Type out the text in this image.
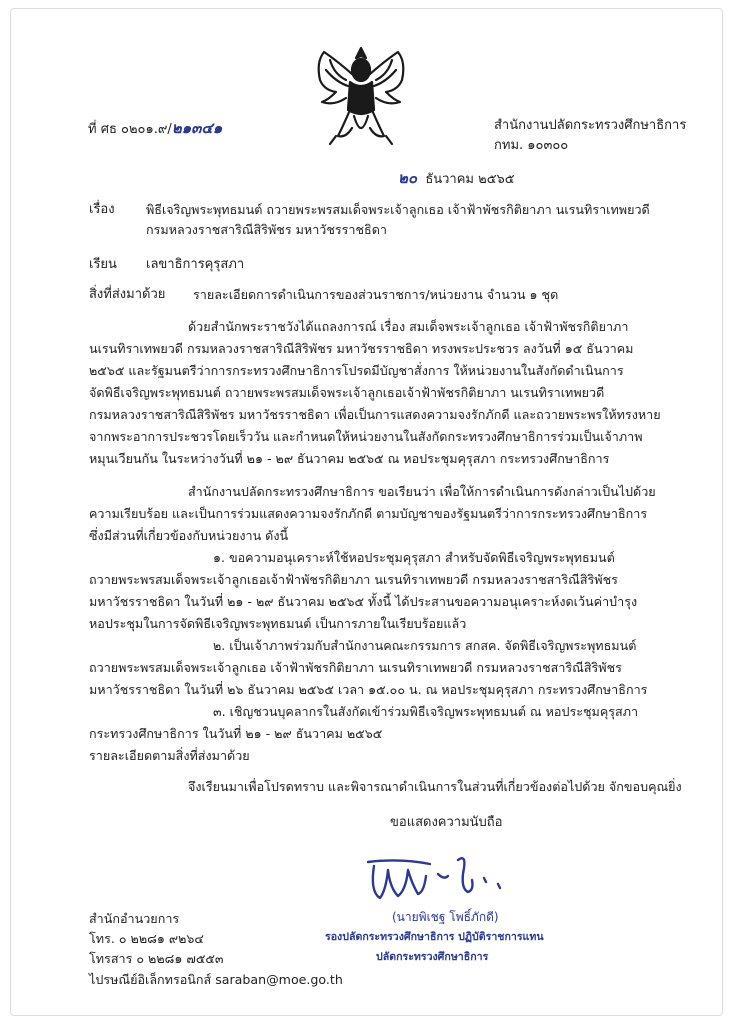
ที่ ศธ ๐๒๐๑.๙/๒๑๓๔๑	สำนักงานปลัดกระทรวงศึกษาธิการ
กทม. ๑๐๓๐๐
๒๐ ธันวาคม ๒๕๖๕
เรื่อง พิธีเจริญพระพุทธมนต์ ถวายพระพรสมเด็จพระเจ้าลูกเธอ เจ้าฟ้าพัชรกิติยาภา นเรนทิราเทพยวดี
กรมหลวงราชสาริณีสิริพัชร มหาวัชรราชธิดา
เรียน เลขาธิการคุรุสภา
สิ่งที่ส่งมาด้วย รายละเอียดการดำเนินการของส่วนราชการ/หน่วยงาน จำนวน ๑ ชุด

ด้วยสำนักพระราชวังได้แถลงการณ์ เรื่อง สมเด็จพระเจ้าลูกเธอ เจ้าฟ้าพัชรกิติยาภา

นเรนทิราเทพยวดี กรมหลวงราชสาริณีสิริพัชร มหาวัชรราชธิดา ทรงพระประชวร ลงวันที่ ๑๕ ธันวาคม

๒๕๖๕ และรัฐมนตรีว่าการกระทรวงศึกษาธิการโปรดมีบัญชาสั่งการ ให้หน่วยงานในสังกัดดำเนินการ

จัดพิธีเจริญพระพุทธมนต์ ถวายพระพรสมเด็จพระเจ้าลูกเธอเจ้าฟ้าพัชรกิติยาภา นเรนทิราเทพยวดี

กรมหลวงราชสาริณีสิริพัชร มหาวัชรราชธิดา เพื่อเป็นการแสดงความจงรักภักดี และถวายพระพรให้ทรงหาย

จากพระอาการประชวรโดยเร็ววัน และกำหนดให้หน่วยงานในสังกัดกระทรวงศึกษาธิการร่วมเป็นเจ้าภาพ

หมุนเวียนกัน ในระหว่างวันที่ ๒๑ - ๒๙ ธันวาคม ๒๕๖๕ ณ หอประชุมคุรุสภา กระทรวงศึกษาธิการ

สำนักงานปลัดกระทรวงศึกษาธิการ ขอเรียนว่า เพื่อให้การดำเนินการดังกล่าวเป็นไปด้วย

ความเรียบร้อย และเป็นการร่วมแสดงความจงรักภักดี ตามบัญชาของรัฐมนตรีว่าการกระทรวงศึกษาธิการ

ซึ่งมีส่วนที่เกี่ยวข้องกับหน่วยงาน ดังนี้

๑. ขอความอนุเคราะห์ใช้หอประชุมคุรุสภา สำหรับจัดพิธีเจริญพระพุทธมนต์

ถวายพระพรสมเด็จพระเจ้าลูกเธอเจ้าฟ้าพัชรกิติยาภา นเรนทิราเทพยวดี กรมหลวงราชสาริณีสิริพัชร

มหาวัชรราชธิดา ในวันที่ ๒๑ - ๒๙ ธันวาคม ๒๕๖๕ ทั้งนี้ ได้ประสานขอความอนุเคราะห์งดเว้นค่าบำรุง

หอประชุมในการจัดพิธีเจริญพระพุทธมนต์ เป็นการภายในเรียบร้อยแล้ว

๒. เป็นเจ้าภาพร่วมกับสำนักงานคณะกรรมการ สกสค. จัดพิธีเจริญพระพุทธมนต์

ถวายพระพรสมเด็จพระเจ้าลูกเธอ เจ้าฟ้าพัชรกิติยาภา นเรนทิราเทพยวดี กรมหลวงราชสาริณีสิริพัชร

มหาวัชรราชธิดา ในวันที่ ๒๖ ธันวาคม ๒๕๖๕ เวลา ๑๕.๐๐ น. ณ หอประชุมคุรุสภา กระทรวงศึกษาธิการ

๓. เชิญชวนบุคลากรในสังกัดเข้าร่วมพิธีเจริญพระพุทธมนต์ ณ หอประชุมคุรุสภา

กระทรวงศึกษาธิการ ในวันที่ ๒๑ - ๒๙ ธันวาคม ๒๕๖๕

รายละเอียดตามสิ่งที่ส่งมาด้วย

จึงเรียนมาเพื่อโปรดทราบ และพิจารณาดำเนินการในส่วนที่เกี่ยวข้องต่อไปด้วย จักขอบคุณยิ่ง

ขอแสดงความนับถือ
(นายพิเชฐ โพธิ์ภักดี)
รองปลัดกระทรวงศึกษาธิการ ปฏิบัติราชการแทน
ปลัดกระทรวงศึกษาธิการ
สำนักอำนวยการ
โทร. ๐ ๒๒๘๑ ๙๒๖๔
โทรสาร ๐ ๒๒๘๑ ๗๕๕๓
ไปรษณีย์อิเล็กทรอนิกส์ saraban@moe.go.th
